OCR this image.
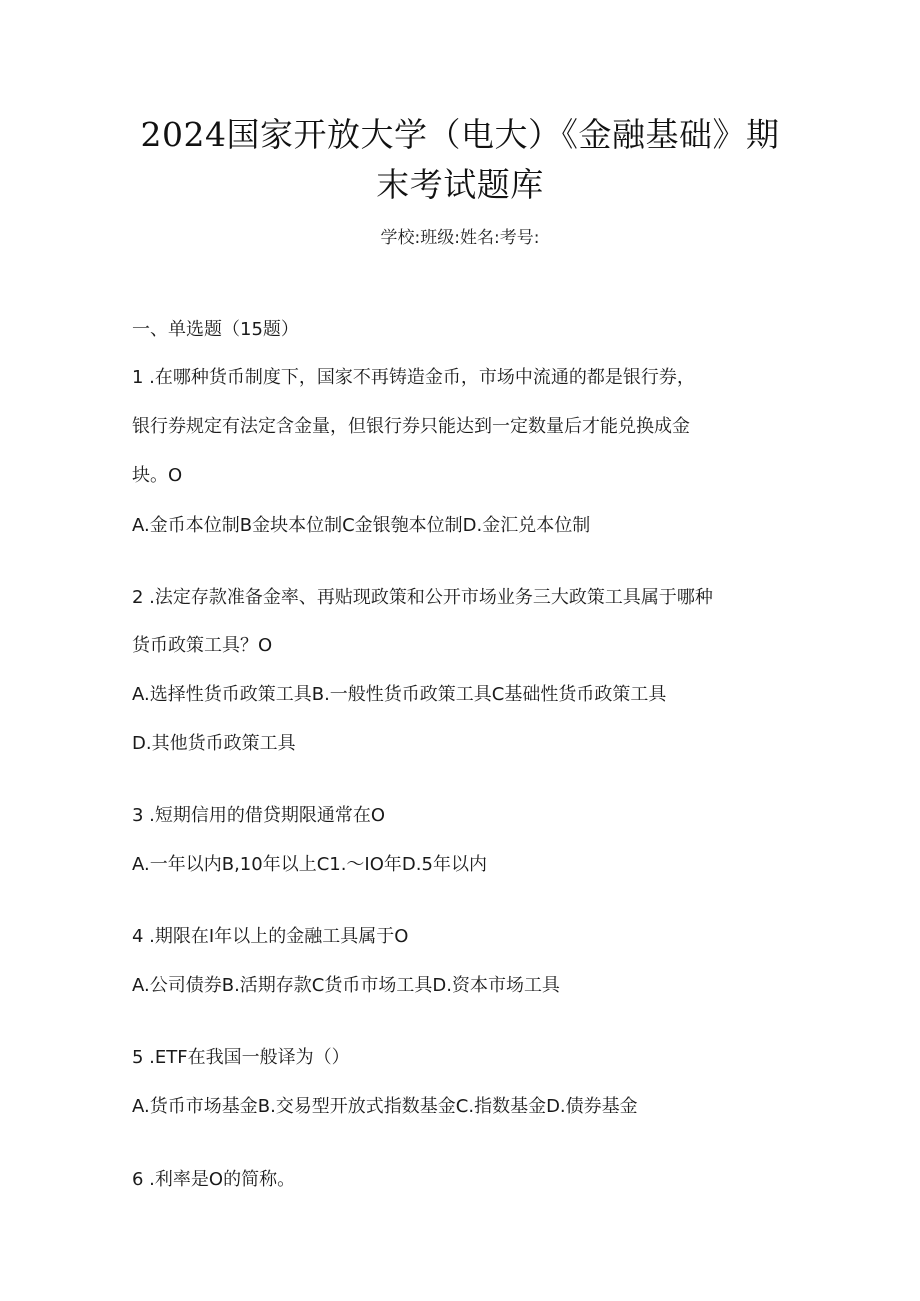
2024国家开放大学（电大）《金融基础》期
末考试题库
学校:班级:姓名:考号:
一、单选题（15题）
1 .在哪种货币制度下，国家不再铸造金币，市场中流通的都是银行券，
银行券规定有法定含金量，但银行券只能达到一定数量后才能兑换成金
块。O
A.金币本位制B金块本位制C金银匏本位制D.金汇兑本位制
2 .法定存款准备金率、再贴现政策和公开市场业务三大政策工具属于哪种
货币政策工具？O
A.选择性货币政策工具B.一般性货币政策工具C基础性货币政策工具
D.其他货币政策工具
3 .短期信用的借贷期限通常在O
A.一年以内B,10年以上C1.～IO年D.5年以内
4 .期限在I年以上的金融工具属于O
A.公司债券B.活期存款C货币市场工具D.资本市场工具
5 .ETF在我国一般译为（）
A.货币市场基金B.交易型开放式指数基金C.指数基金D.债券基金
6 .利率是O的简称。
